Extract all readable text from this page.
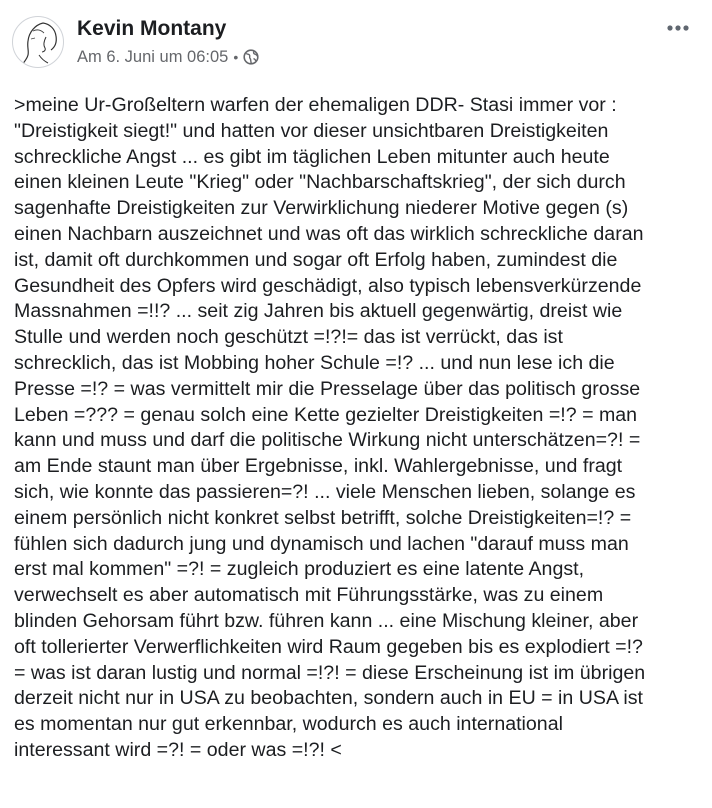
Kevin Montany
Am 6. Juni um 06:05 •
>meine Ur-Großeltern warfen der ehemaligen DDR- Stasi immer vor :
"Dreistigkeit siegt!" und hatten vor dieser unsichtbaren Dreistigkeiten
schreckliche Angst ... es gibt im täglichen Leben mitunter auch heute
einen kleinen Leute "Krieg" oder "Nachbarschaftskrieg", der sich durch
sagenhafte Dreistigkeiten zur Verwirklichung niederer Motive gegen (s)
einen Nachbarn auszeichnet und was oft das wirklich schreckliche daran
ist, damit oft durchkommen und sogar oft Erfolg haben, zumindest die
Gesundheit des Opfers wird geschädigt, also typisch lebensverkürzende
Massnahmen =!!? ... seit zig Jahren bis aktuell gegenwärtig, dreist wie
Stulle und werden noch geschützt =!?!= das ist verrückt, das ist
schrecklich, das ist Mobbing hoher Schule =!? ... und nun lese ich die
Presse =!? = was vermittelt mir die Presselage über das politisch grosse
Leben =??? = genau solch eine Kette gezielter Dreistigkeiten =!? = man
kann und muss und darf die politische Wirkung nicht unterschätzen=?! =
am Ende staunt man über Ergebnisse, inkl. Wahlergebnisse, und fragt
sich, wie konnte das passieren=?! ... viele Menschen lieben, solange es
einem persönlich nicht konkret selbst betrifft, solche Dreistigkeiten=!? =
fühlen sich dadurch jung und dynamisch und lachen "darauf muss man
erst mal kommen" =?! = zugleich produziert es eine latente Angst,
verwechselt es aber automatisch mit Führungsstärke, was zu einem
blinden Gehorsam führt bzw. führen kann ... eine Mischung kleiner, aber
oft tollerierter Verwerflichkeiten wird Raum gegeben bis es explodiert =!?
= was ist daran lustig und normal =!?! = diese Erscheinung ist im übrigen
derzeit nicht nur in USA zu beobachten, sondern auch in EU = in USA ist
es momentan nur gut erkennbar, wodurch es auch international
interessant wird =?! = oder was =!?! <
